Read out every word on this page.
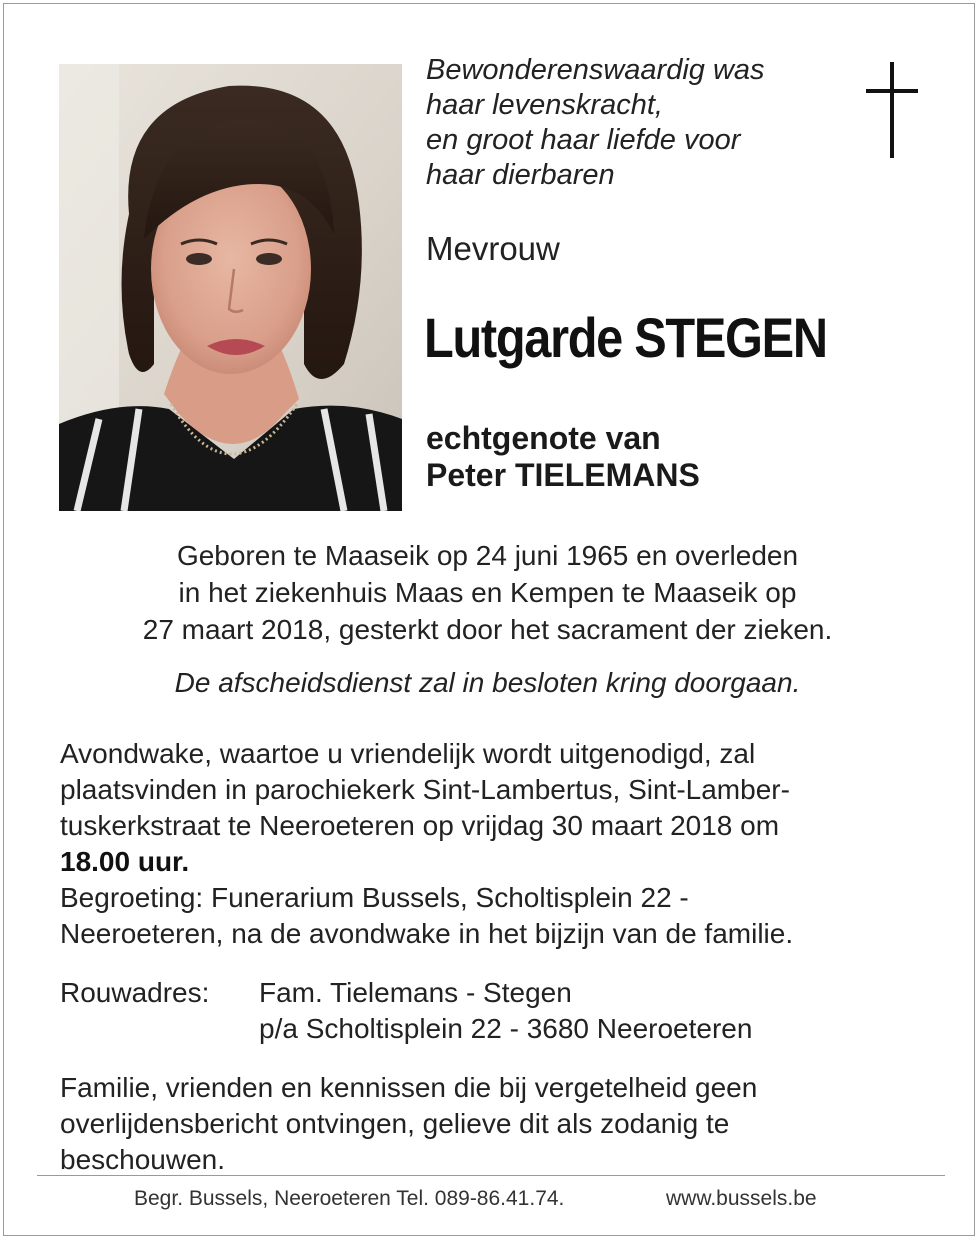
Bewonderenswaardig was
haar levenskracht,
en groot haar liefde voor
haar dierbaren
Mevrouw
Lutgarde STEGEN
echtgenote van
Peter TIELEMANS
Geboren te Maaseik op 24 juni 1965 en overleden
in het ziekenhuis Maas en Kempen te Maaseik op
27 maart 2018, gesterkt door het sacrament der zieken.
De afscheidsdienst zal in besloten kring doorgaan.
Avondwake, waartoe u vriendelijk wordt uitgenodigd, zal
plaatsvinden in parochiekerk Sint-Lambertus, Sint-Lamber-
tuskerkstraat te Neeroeteren op vrijdag 30 maart 2018 om
18.00 uur.
Begroeting: Funerarium Bussels, Scholtisplein 22 -
Neeroeteren, na de avondwake in het bijzijn van de familie.
Rouwadres: Fam. Tielemans - Stegen
p/a Scholtisplein 22 - 3680 Neeroeteren
Familie, vrienden en kennissen die bij vergetelheid geen
overlijdensbericht ontvingen, gelieve dit als zodanig te
beschouwen.
Begr. Bussels, Neeroeteren Tel. 089-86.41.74.	www.bussels.be
